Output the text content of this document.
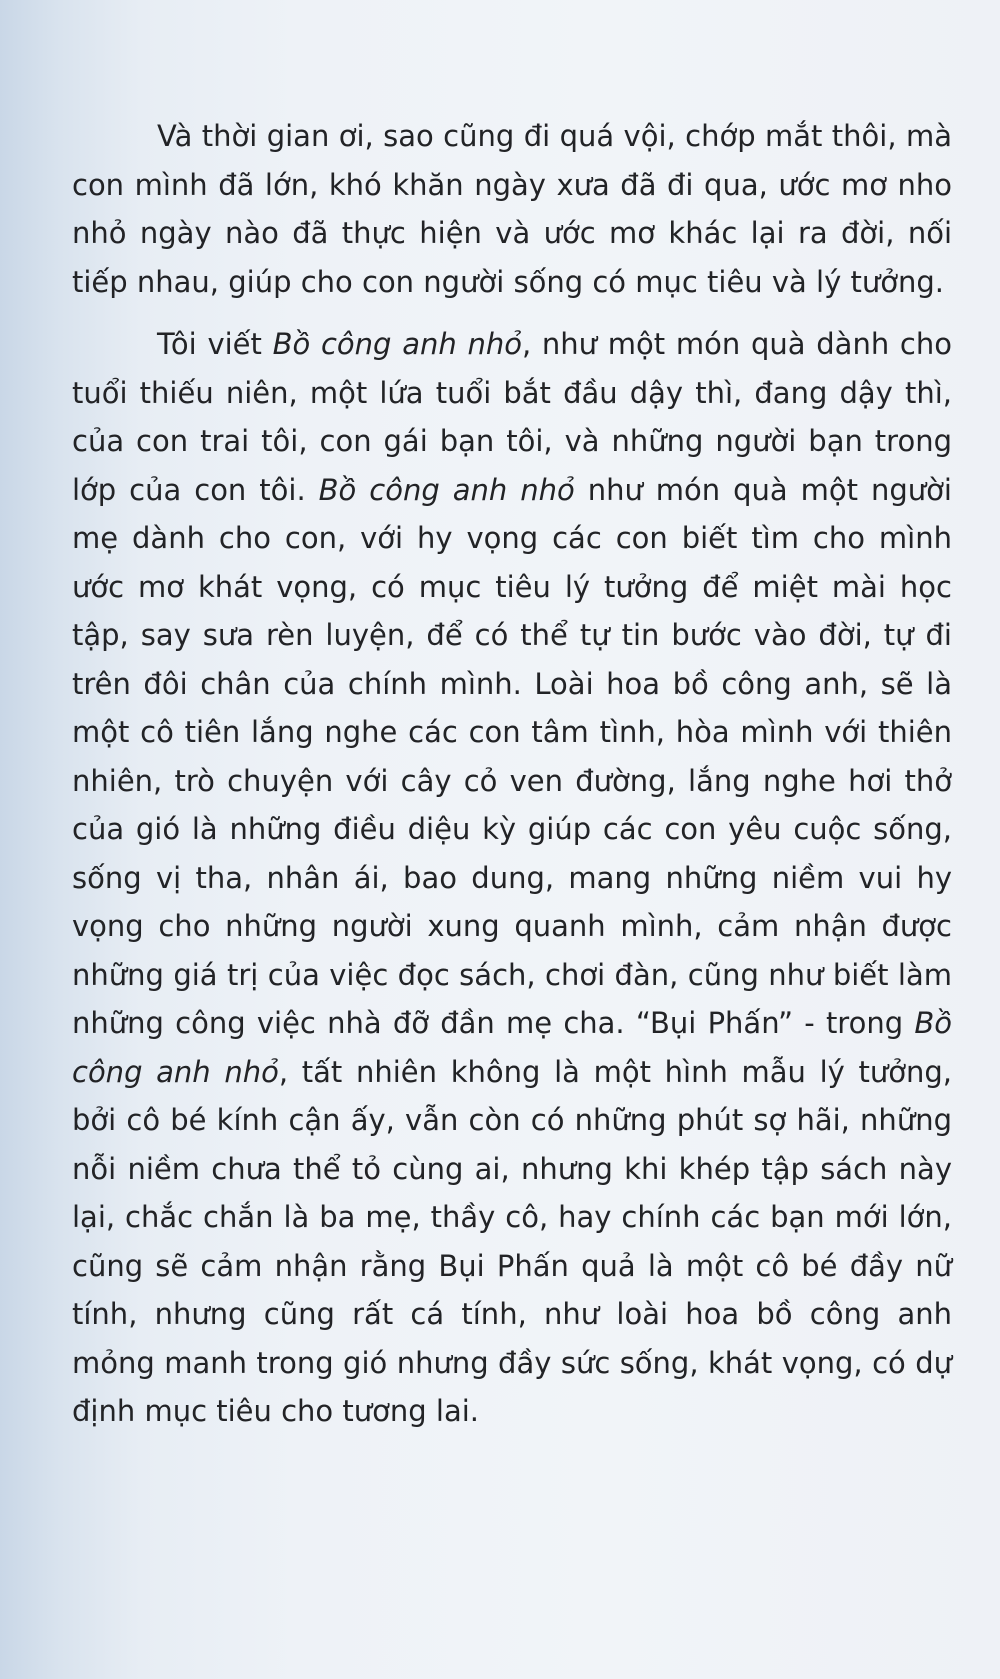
Và thời gian ơi, sao cũng đi quá vội, chớp mắt thôi, mà con mình đã lớn, khó khăn ngày xưa đã đi qua, ước mơ nho nhỏ ngày nào đã thực hiện và ước mơ khác lại ra đời, nối tiếp nhau, giúp cho con người sống có mục tiêu và lý tưởng.

Tôi viết Bồ công anh nhỏ, như một món quà dành cho tuổi thiếu niên, một lứa tuổi bắt đầu dậy thì, đang dậy thì, của con trai tôi, con gái bạn tôi, và những người bạn trong lớp của con tôi. Bồ công anh nhỏ như món quà một người mẹ dành cho con, với hy vọng các con biết tìm cho mình ước mơ khát vọng, có mục tiêu lý tưởng để miệt mài học tập, say sưa rèn luyện, để có thể tự tin bước vào đời, tự đi trên đôi chân của chính mình. Loài hoa bồ công anh, sẽ là một cô tiên lắng nghe các con tâm tình, hòa mình với thiên nhiên, trò chuyện với cây cỏ ven đường, lắng nghe hơi thở của gió là những điều diệu kỳ giúp các con yêu cuộc sống, sống vị tha, nhân ái, bao dung, mang những niềm vui hy vọng cho những người xung quanh mình, cảm nhận được những giá trị của việc đọc sách, chơi đàn, cũng như biết làm những công việc nhà đỡ đần mẹ cha. “Bụi Phấn” - trong Bồ công anh nhỏ, tất nhiên không là một hình mẫu lý tưởng, bởi cô bé kính cận ấy, vẫn còn có những phút sợ hãi, những nỗi niềm chưa thể tỏ cùng ai, nhưng khi khép tập sách này lại, chắc chắn là ba mẹ, thầy cô, hay chính các bạn mới lớn, cũng sẽ cảm nhận rằng Bụi Phấn quả là một cô bé đầy nữ tính, nhưng cũng rất cá tính, như loài hoa bồ công anh mỏng manh trong gió nhưng đầy sức sống, khát vọng, có dự định mục tiêu cho tương lai.
